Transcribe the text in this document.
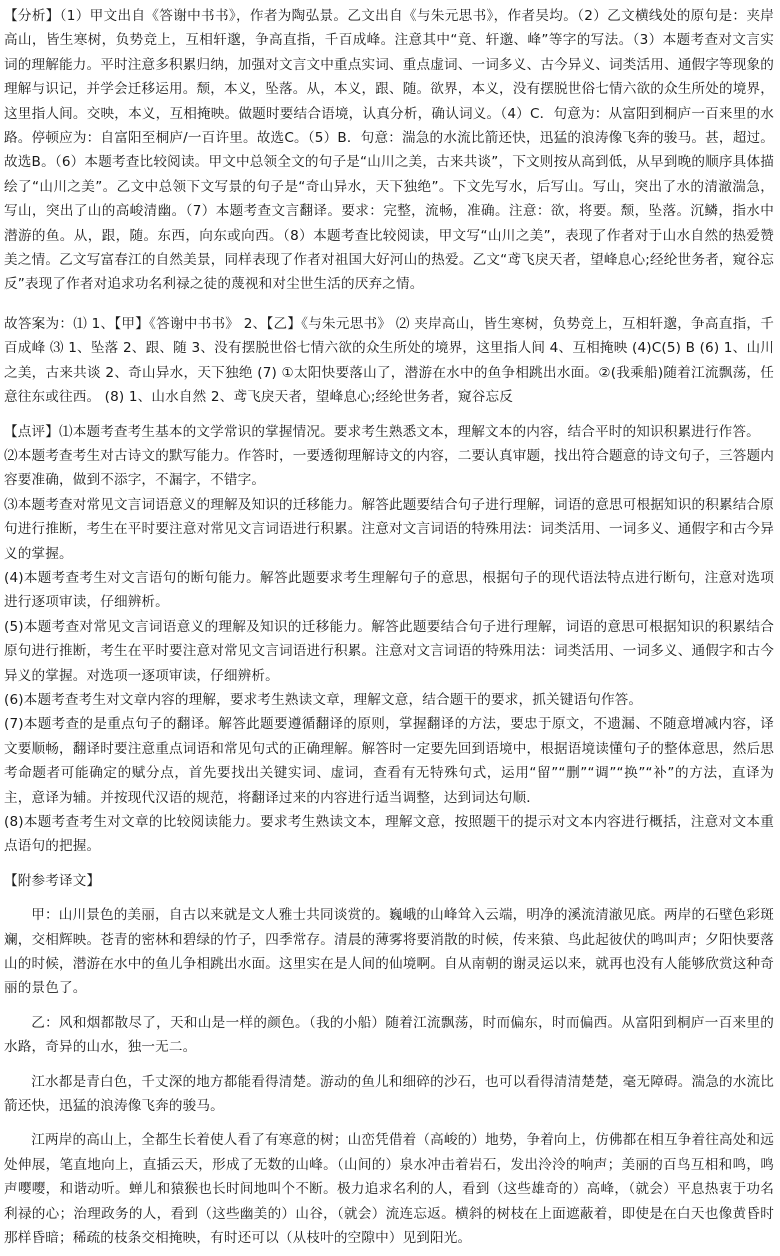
【分析】（1）甲文出自《答谢中书书》，作者为陶弘景。乙文出自《与朱元思书》，作者吴均。（2）乙文横线处的原句是：夹岸高山，皆生寒树，负势竞上，互相轩邈，争高直指，千百成峰。注意其中“竟、轩邈、峰”等字的写法。（3）本题考查对文言实词的理解能力。平时注意多积累归纳，加强对文言文中重点实词、重点虚词、一词多义、古今异义、词类活用、通假字等现象的理解与识记，并学会迁移运用。颓，本义，坠落。从，本义，跟、随。欲界，本义，没有摆脱世俗七情六欲的众生所处的境界，这里指人间。交映，本义，互相掩映。做题时要结合语境，认真分析，确认词义。（4）C．句意为：从富阳到桐庐一百来里的水路。停顿应为：自富阳至桐庐/一百许里。故选C。（5）B．句意：湍急的水流比箭还快，迅猛的浪涛像飞奔的骏马。甚，超过。故选B。（6）本题考查比较阅读。甲文中总领全文的句子是“山川之美，古来共谈”，下文则按从高到低，从早到晚的顺序具体描绘了“山川之美”。乙文中总领下文写景的句子是“奇山异水，天下独绝”。下文先写水，后写山。写山，突出了水的清澈湍急，写山，突出了山的高峻清幽。（7）本题考查文言翻译。要求：完整，流畅，准确。注意：欲，将要。颓，坠落。沉鳞，指水中潜游的鱼。从，跟，随。东西，向东或向西。（8）本题考查比较阅读，甲文写“山川之美”，表现了作者对于山水自然的热爱赞美之情。乙文写富春江的自然美景，同样表现了作者对祖国大好河山的热爱。乙文“鸢飞戾天者，望峰息心;经纶世务者，窥谷忘反”表现了作者对追求功名利禄之徒的蔑视和对尘世生活的厌弃之情。

故答案为：⑴ 1、【甲】《答谢中书书》 2、【乙】《与朱元思书》 ⑵ 夹岸高山，皆生寒树，负势竞上，互相轩邈，争高直指，千百成峰 ⑶ 1、坠落 2、跟、随 3、没有摆脱世俗七情六欲的众生所处的境界，这里指人间 4、互相掩映 (4)C(5) B (6) 1、山川之美，古来共谈 2、奇山异水，天下独绝 (7) ①太阳快要落山了，潜游在水中的鱼争相跳出水面。②(我乘船)随着江流飘荡，任意往东或往西。 (8) 1、山水自然 2、鸢飞戾天者，望峰息心;经纶世务者，窥谷忘反

【点评】⑴本题考查考生基本的文学常识的掌握情况。要求考生熟悉文本，理解文本的内容，结合平时的知识积累进行作答。

⑵本题考查考生对古诗文的默写能力。作答时，一要透彻理解诗文的内容，二要认真审题，找出符合题意的诗文句子，三答题内容要准确，做到不添字，不漏字，不错字。

⑶本题考查对常见文言词语意义的理解及知识的迁移能力。解答此题要结合句子进行理解，词语的意思可根据知识的积累结合原句进行推断，考生在平时要注意对常见文言词语进行积累。注意对文言词语的特殊用法：词类活用、一词多义、通假字和古今异义的掌握。

(4)本题考查考生对文言语句的断句能力。解答此题要求考生理解句子的意思，根据句子的现代语法特点进行断句，注意对选项进行逐项审读，仔细辨析。

(5)本题考查对常见文言词语意义的理解及知识的迁移能力。解答此题要结合句子进行理解，词语的意思可根据知识的积累结合原句进行推断，考生在平时要注意对常见文言词语进行积累。注意对文言词语的特殊用法：词类活用、一词多义、通假字和古今异义的掌握。对选项一逐项审读，仔细辨析。

(6)本题考查考生对文章内容的理解，要求考生熟读文章，理解文意，结合题干的要求，抓关键语句作答。

(7)本题考查的是重点句子的翻译。解答此题要遵循翻译的原则，掌握翻译的方法，要忠于原文，不遗漏、不随意增减内容，译文要顺畅，翻译时要注意重点词语和常见句式的正确理解。解答时一定要先回到语境中，根据语境读懂句子的整体意思，然后思考命题者可能确定的赋分点，首先要找出关键实词、虚词，查看有无特殊句式，运用“留”“删”“调”“换”“补”的方法，直译为主，意译为辅。并按现代汉语的规范，将翻译过来的内容进行适当调整，达到词达句顺．

(8)本题考查考生对文章的比较阅读能力。要求考生熟读文本，理解文意，按照题干的提示对文本内容进行概括，注意对文本重点语句的把握。

【附参考译文】

甲：山川景色的美丽，自古以来就是文人雅士共同谈赏的。巍峨的山峰耸入云端，明净的溪流清澈见底。两岸的石壁色彩斑斓，交相辉映。苍青的密林和碧绿的竹子，四季常存。清晨的薄雾将要消散的时候，传来猿、鸟此起彼伏的鸣叫声；夕阳快要落山的时候，潜游在水中的鱼儿争相跳出水面。这里实在是人间的仙境啊。自从南朝的谢灵运以来，就再也没有人能够欣赏这种奇丽的景色了。

乙：风和烟都散尽了，天和山是一样的颜色。（我的小船）随着江流飘荡，时而偏东，时而偏西。从富阳到桐庐一百来里的水路，奇异的山水，独一无二。

江水都是青白色，千丈深的地方都能看得清楚。游动的鱼儿和细碎的沙石，也可以看得清清楚楚，毫无障碍。湍急的水流比箭还快，迅猛的浪涛像飞奔的骏马。

江两岸的高山上，全都生长着使人看了有寒意的树；山峦凭借着（高峻的）地势，争着向上，仿佛都在相互争着往高处和远处伸展，笔直地向上，直插云天，形成了无数的山峰。（山间的）泉水冲击着岩石，发出泠泠的响声；美丽的百鸟互相和鸣，鸣声嘤嘤，和谐动听。蝉儿和猿猴也长时间地叫个不断。极力追求名利的人，看到（这些雄奇的）高峰，（就会）平息热衷于功名利禄的心；治理政务的人，看到（这些幽美的）山谷，（就会）流连忘返。横斜的树枝在上面遮蔽着，即使是在白天也像黄昏时那样昏暗；稀疏的枝条交相掩映，有时还可以（从枝叶的空隙中）见到阳光。
